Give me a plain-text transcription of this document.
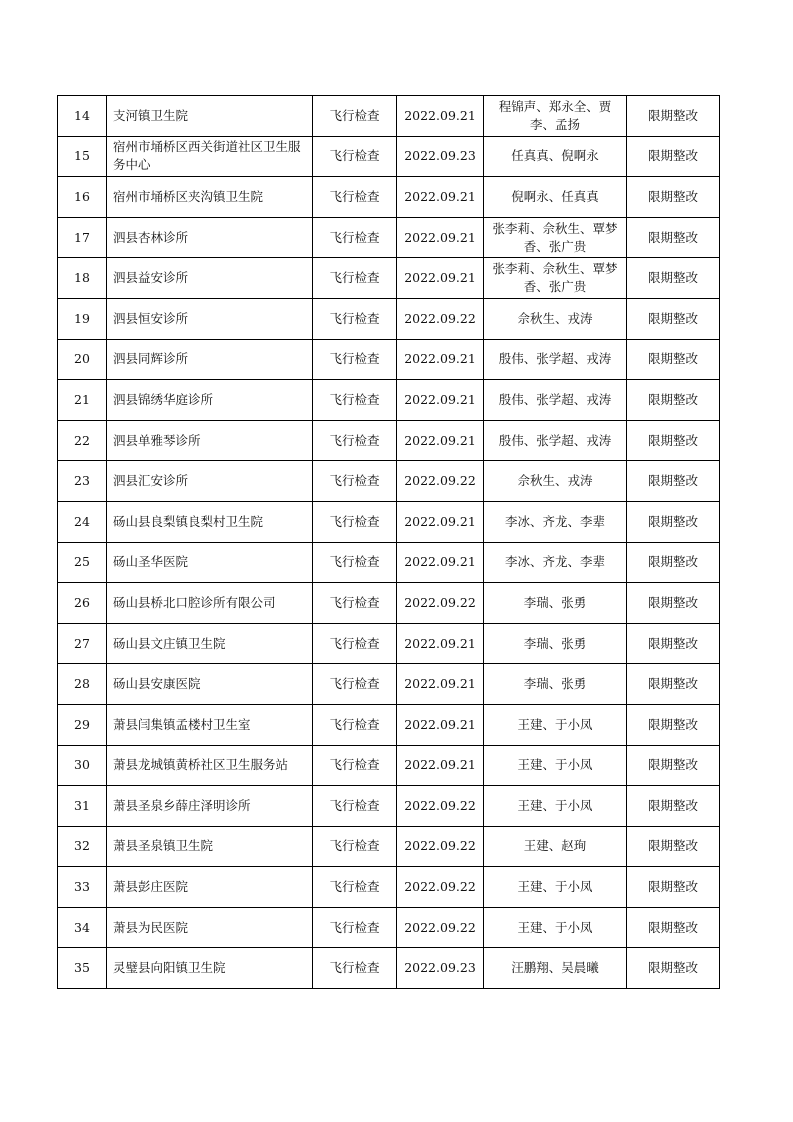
14	支河镇卫生院	飞行检查	2022.09.21	程锦声、郑永全、贾李、孟扬	限期整改
15	宿州市埇桥区西关街道社区卫生服务中心	飞行检查	2022.09.23	任真真、倪啊永	限期整改
16	宿州市埇桥区夹沟镇卫生院	飞行检查	2022.09.21	倪啊永、任真真	限期整改
17	泗县杏林诊所	飞行检查	2022.09.21	张李莉、佘秋生、覃梦香、张广贵	限期整改
18	泗县益安诊所	飞行检查	2022.09.21	张李莉、佘秋生、覃梦香、张广贵	限期整改
19	泗县恒安诊所	飞行检查	2022.09.22	佘秋生、戎涛	限期整改
20	泗县同辉诊所	飞行检查	2022.09.21	殷伟、张学超、戎涛	限期整改
21	泗县锦绣华庭诊所	飞行检查	2022.09.21	殷伟、张学超、戎涛	限期整改
22	泗县单雅琴诊所	飞行检查	2022.09.21	殷伟、张学超、戎涛	限期整改
23	泗县汇安诊所	飞行检查	2022.09.22	佘秋生、戎涛	限期整改
24	砀山县良梨镇良梨村卫生院	飞行检查	2022.09.21	李冰、齐龙、李辈	限期整改
25	砀山圣华医院	飞行检查	2022.09.21	李冰、齐龙、李辈	限期整改
26	砀山县桥北口腔诊所有限公司	飞行检查	2022.09.22	李瑞、张勇	限期整改
27	砀山县文庄镇卫生院	飞行检查	2022.09.21	李瑞、张勇	限期整改
28	砀山县安康医院	飞行检查	2022.09.21	李瑞、张勇	限期整改
29	萧县闫集镇孟楼村卫生室	飞行检查	2022.09.21	王建、于小凤	限期整改
30	萧县龙城镇黄桥社区卫生服务站	飞行检查	2022.09.21	王建、于小凤	限期整改
31	萧县圣泉乡薛庄泽明诊所	飞行检查	2022.09.22	王建、于小凤	限期整改
32	萧县圣泉镇卫生院	飞行检查	2022.09.22	王建、赵珣	限期整改
33	萧县彭庄医院	飞行检查	2022.09.22	王建、于小凤	限期整改
34	萧县为民医院	飞行检查	2022.09.22	王建、于小凤	限期整改
35	灵璧县向阳镇卫生院	飞行检查	2022.09.23	汪鹏翔、吴晨曦	限期整改
